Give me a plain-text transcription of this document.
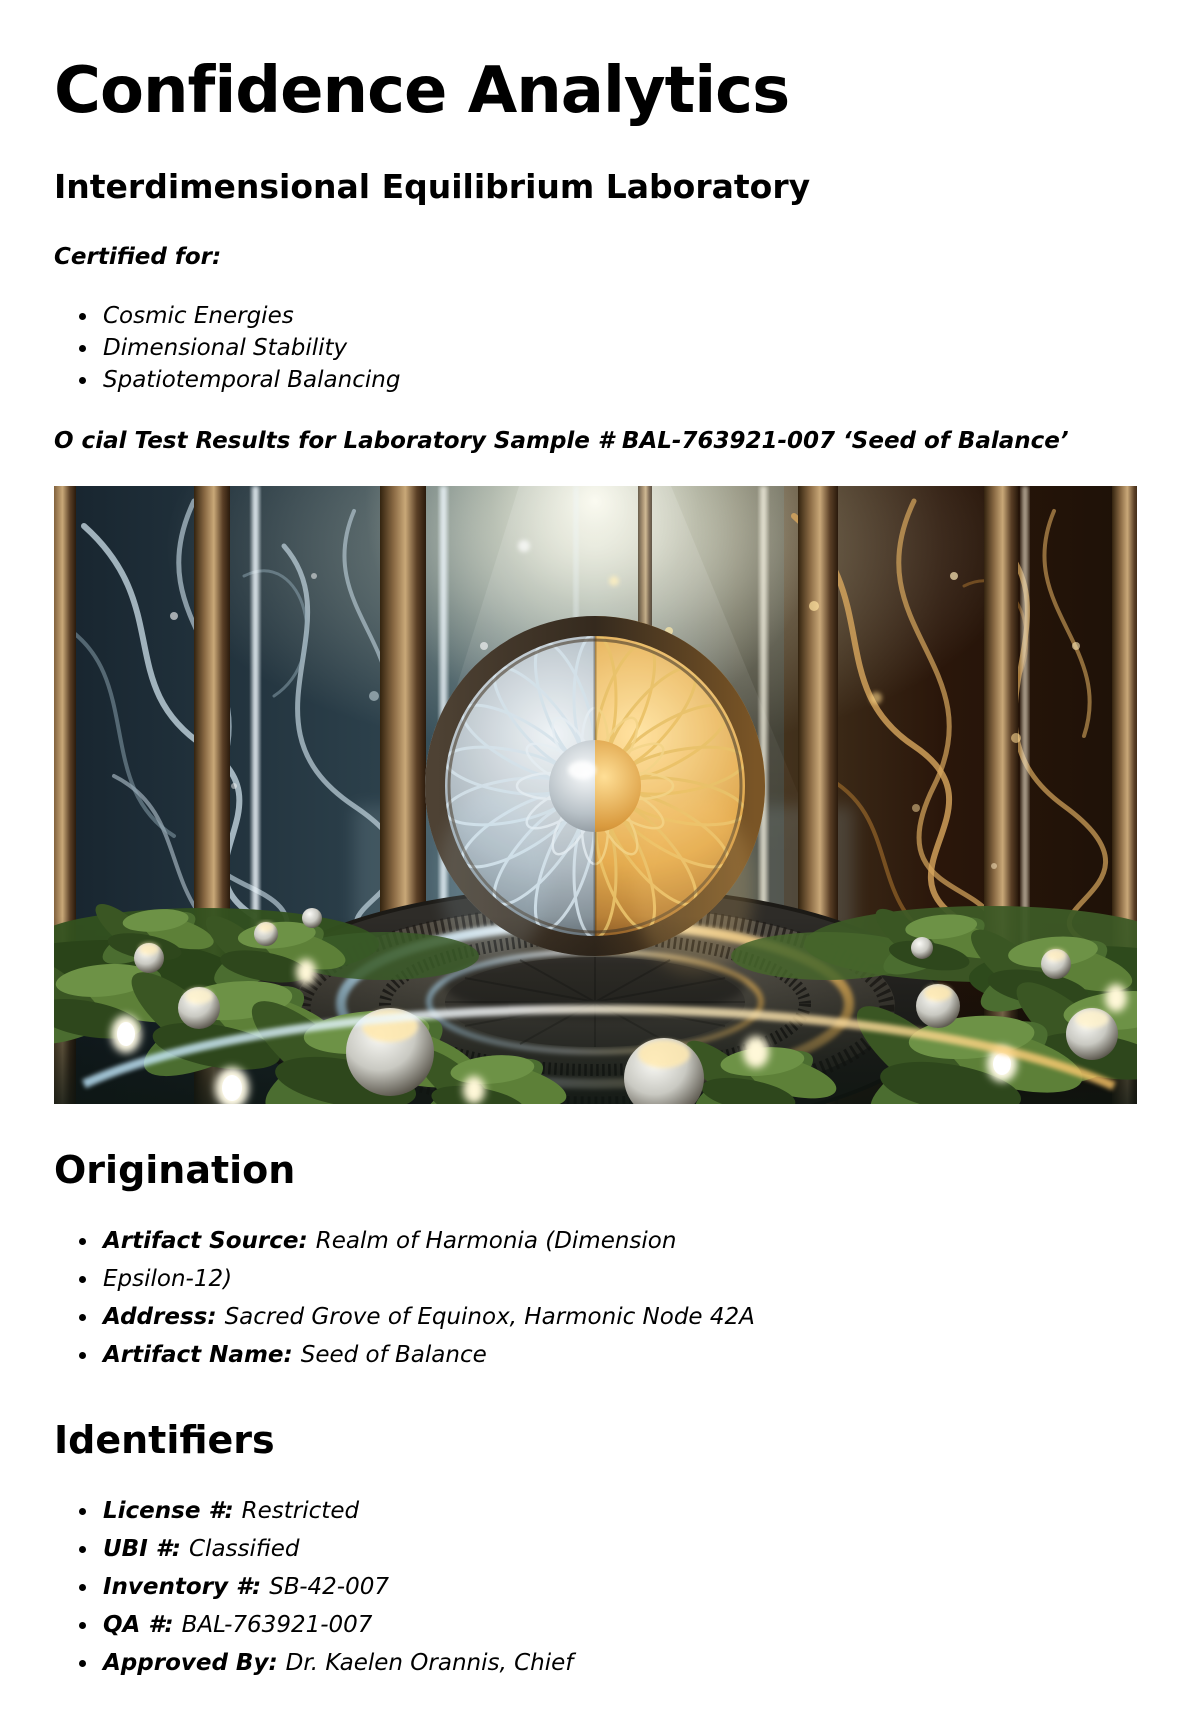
Confidence Analytics
Interdimensional Equilibrium Laboratory

Certified for:

• Cosmic Energies
• Dimensional Stability
• Spatiotemporal Balancing

O cial Test Results for Laboratory Sample # BAL-763921-007 ‘Seed of Balance’

Origination
• Artifact Source: Realm of Harmonia (Dimension
• Epsilon-12)
• Address: Sacred Grove of Equinox, Harmonic Node 42A
• Artifact Name: Seed of Balance
Identifiers
• License #: Restricted
• UBI #: Classified
• Inventory #: SB-42-007
• QA #: BAL-763921-007
• Approved By: Dr. Kaelen Orannis, Chief
